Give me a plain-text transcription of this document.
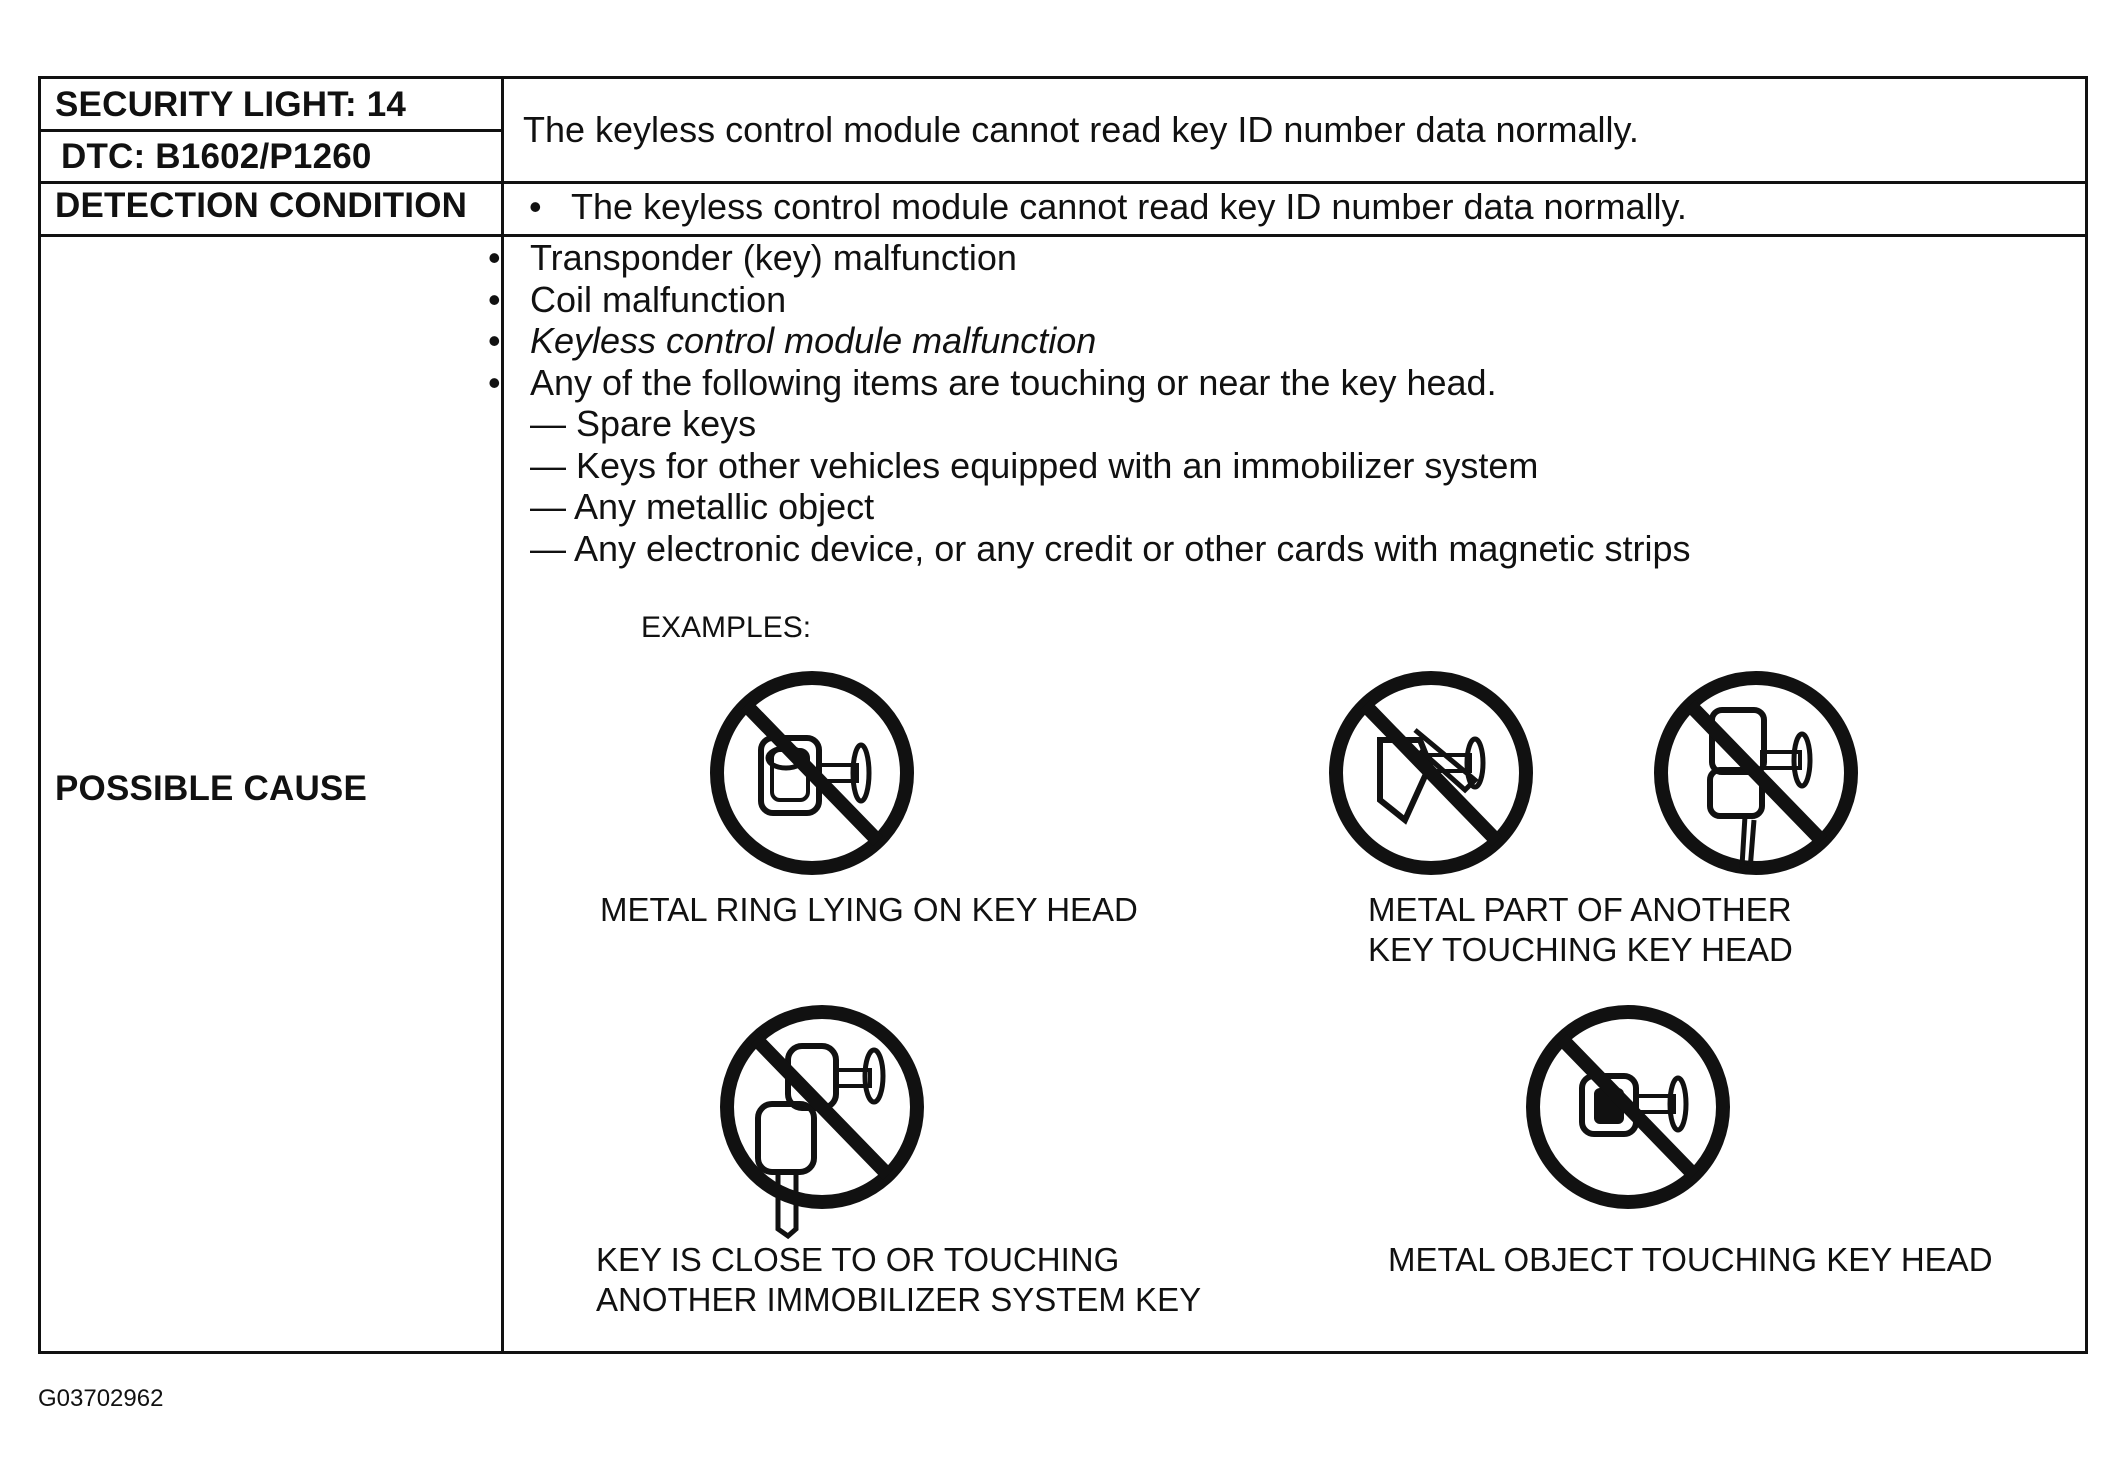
SECURITY LIGHT: 14
DTC: B1602/P1260
The keyless control module cannot read key ID number data normally.
DETECTION CONDITION • The keyless control module cannot read key ID number data normally.
POSSIBLE CAUSE
• Transponder (key) malfunction
• Coil malfunction
• Keyless control module malfunction
• Any of the following items are touching or near the key head.
— Spare keys
— Keys for other vehicles equipped with an immobilizer system
— Any metallic object
— Any electronic device, or any credit or other cards with magnetic strips
EXAMPLES:
METAL RING LYING ON KEY HEAD	METAL PART OF ANOTHER
KEY TOUCHING KEY HEAD
KEY IS CLOSE TO OR TOUCHING
ANOTHER IMMOBILIZER SYSTEM KEY
METAL OBJECT TOUCHING KEY HEAD
G03702962
